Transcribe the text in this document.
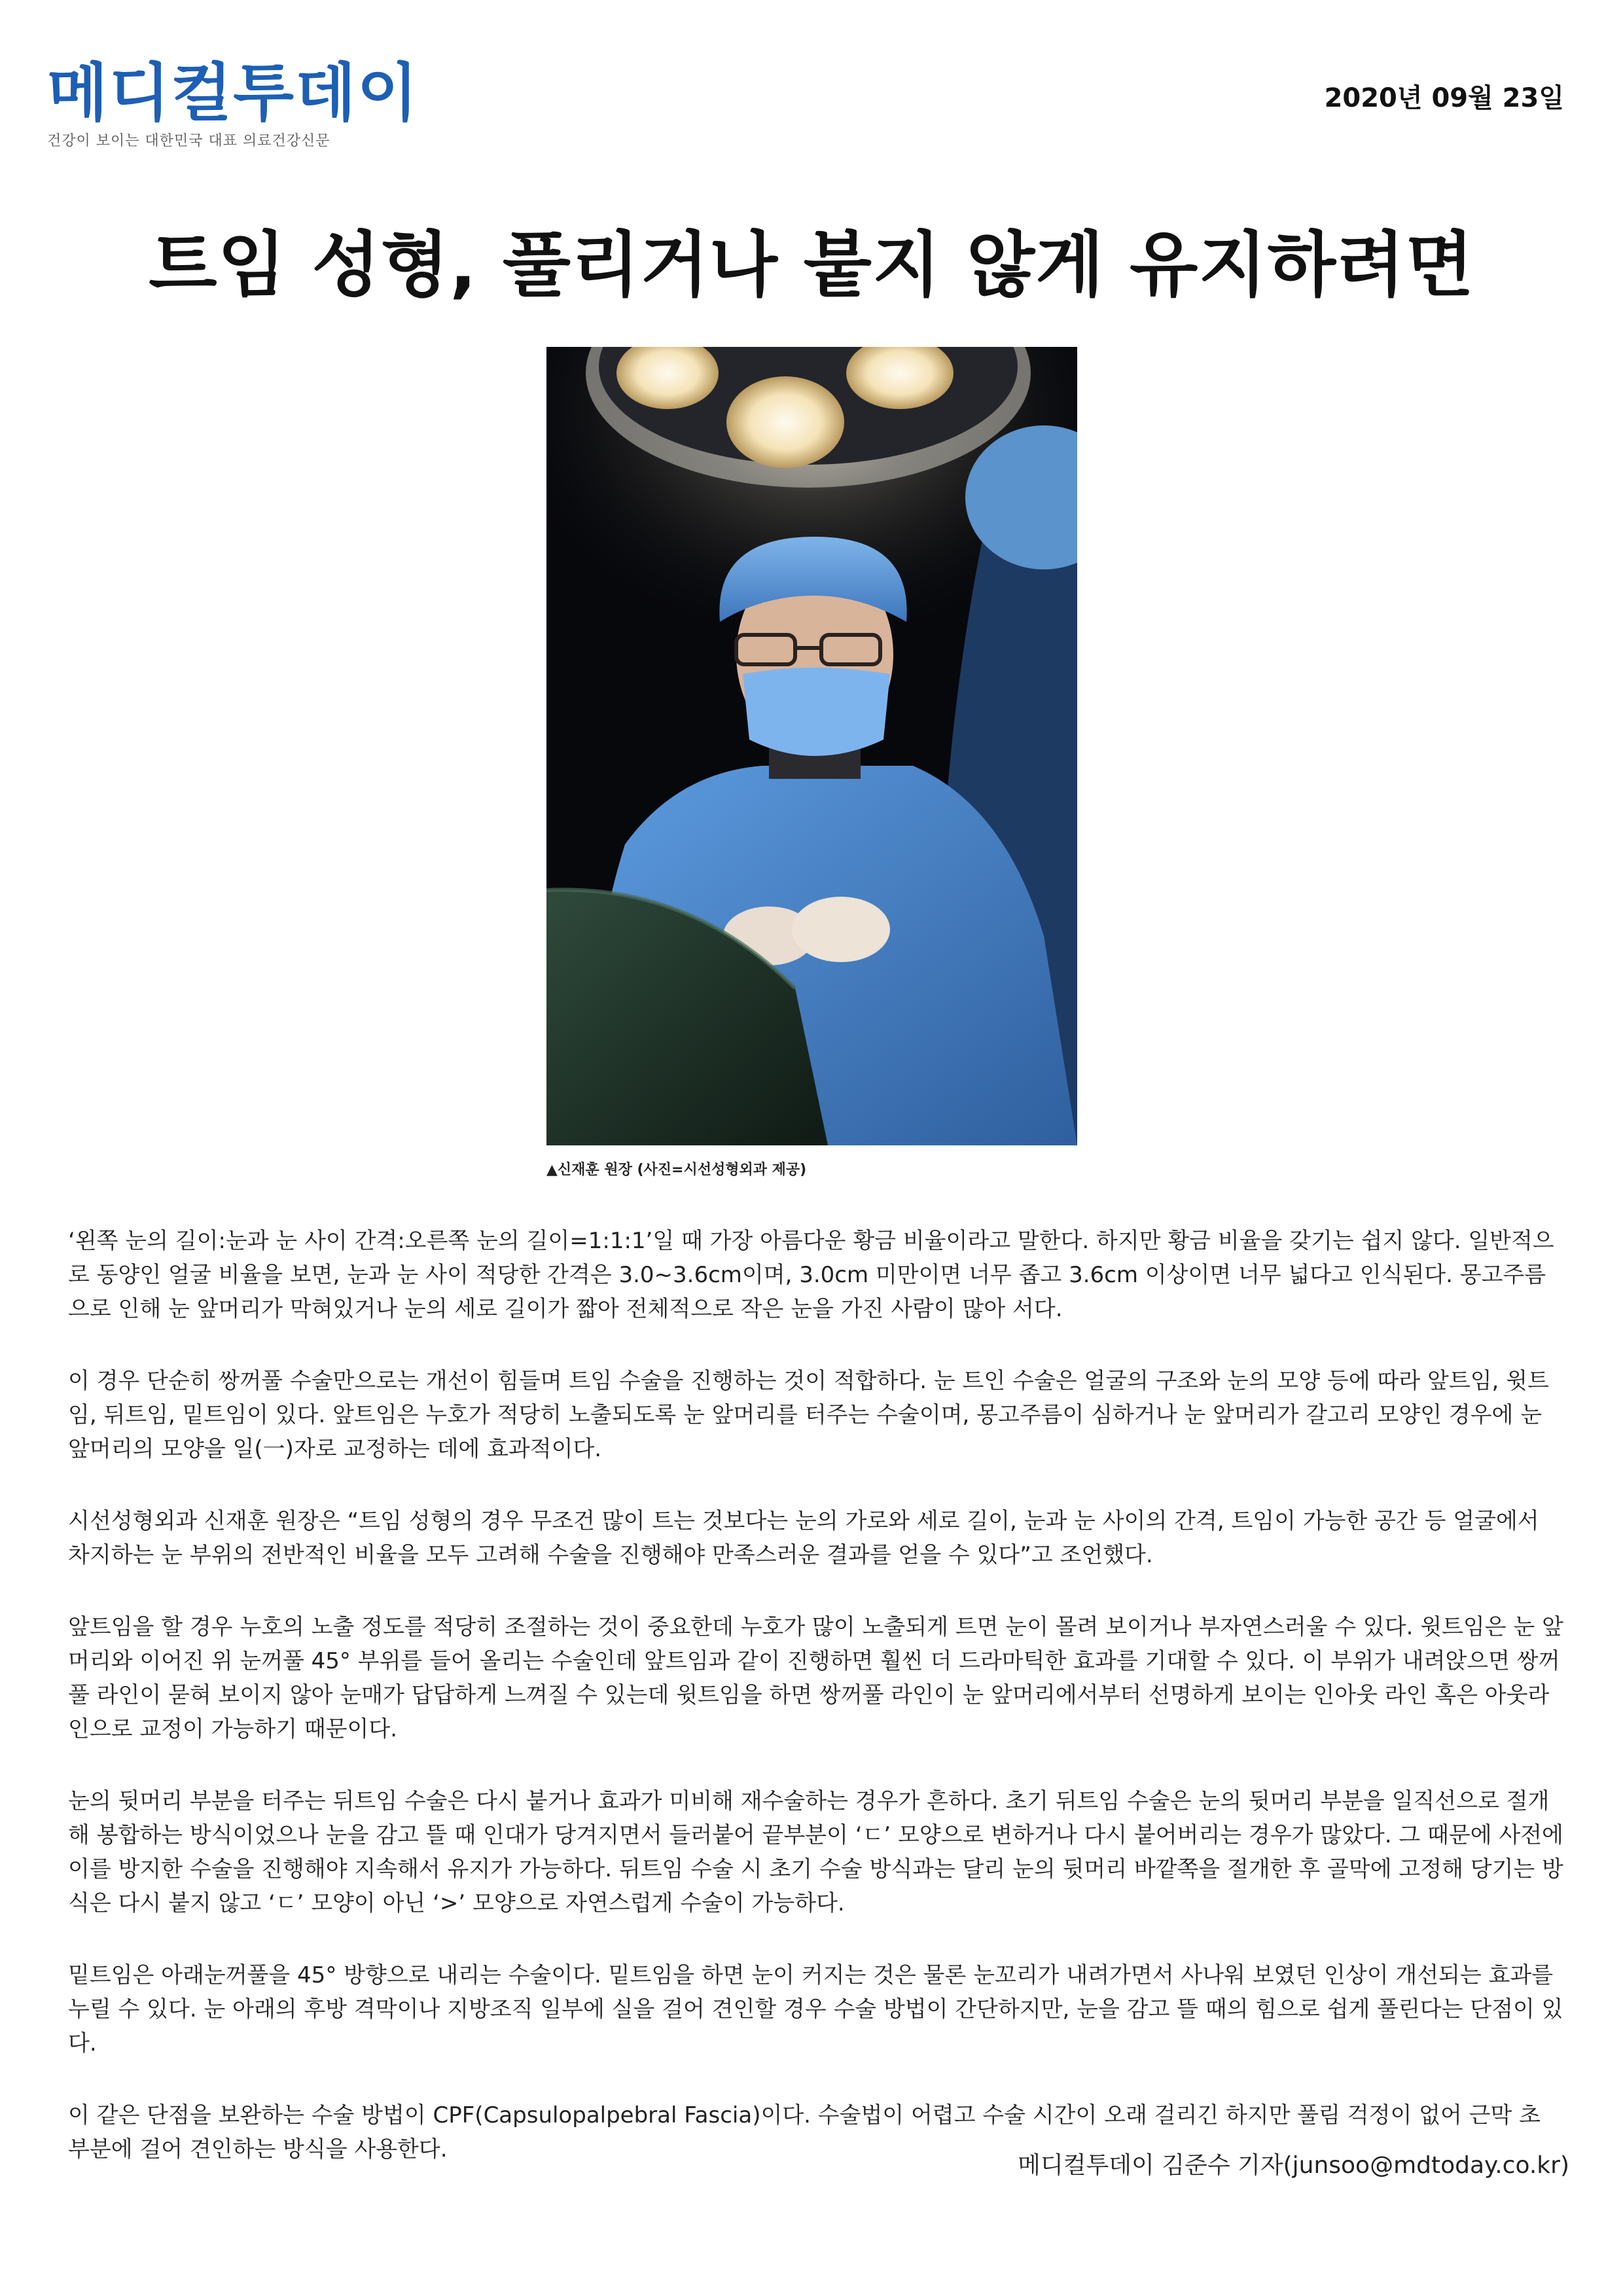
메디컬투데이
건강이 보이는 대한민국 대표 의료건강신문
2020년 09월 23일
트임 성형, 풀리거나 붙지 않게 유지하려면
▲신재훈 원장 (사진=시선성형외과 제공)

‘왼쪽 눈의 길이:눈과 눈 사이 간격:오른쪽 눈의 길이=1:1:1’일 때 가장 아름다운 황금 비율이라고 말한다. 하지만 황금 비율을 갖기는 쉽지 않다. 일반적으로 동양인 얼굴 비율을 보면, 눈과 눈 사이 적당한 간격은 3.0~3.6cm이며, 3.0cm 미만이면 너무 좁고 3.6cm 이상이면 너무 넓다고 인식된다. 몽고주름으로 인해 눈 앞머리가 막혀있거나 눈의 세로 길이가 짧아 전체적으로 작은 눈을 가진 사람이 많아 서다.

이 경우 단순히 쌍꺼풀 수술만으로는 개선이 힘들며 트임 수술을 진행하는 것이 적합하다. 눈 트인 수술은 얼굴의 구조와 눈의 모양 등에 따라 앞트임, 윗트임, 뒤트임, 밑트임이 있다. 앞트임은 누호가 적당히 노출되도록 눈 앞머리를 터주는 수술이며, 몽고주름이 심하거나 눈 앞머리가 갈고리 모양인 경우에 눈 앞머리의 모양을 일(一)자로 교정하는 데에 효과적이다.

시선성형외과 신재훈 원장은 “트임 성형의 경우 무조건 많이 트는 것보다는 눈의 가로와 세로 길이, 눈과 눈 사이의 간격, 트임이 가능한 공간 등 얼굴에서 차지하는 눈 부위의 전반적인 비율을 모두 고려해 수술을 진행해야 만족스러운 결과를 얻을 수 있다”고 조언했다.

앞트임을 할 경우 누호의 노출 정도를 적당히 조절하는 것이 중요한데 누호가 많이 노출되게 트면 눈이 몰려 보이거나 부자연스러울 수 있다. 윗트임은 눈 앞머리와 이어진 위 눈꺼풀 45° 부위를 들어 올리는 수술인데 앞트임과 같이 진행하면 훨씬 더 드라마틱한 효과를 기대할 수 있다. 이 부위가 내려앉으면 쌍꺼풀 라인이 묻혀 보이지 않아 눈매가 답답하게 느껴질 수 있는데 윗트임을 하면 쌍꺼풀 라인이 눈 앞머리에서부터 선명하게 보이는 인아웃 라인 혹은 아웃라인으로 교정이 가능하기 때문이다.

눈의 뒷머리 부분을 터주는 뒤트임 수술은 다시 붙거나 효과가 미비해 재수술하는 경우가 흔하다. 초기 뒤트임 수술은 눈의 뒷머리 부분을 일직선으로 절개해 봉합하는 방식이었으나 눈을 감고 뜰 때 인대가 당겨지면서 들러붙어 끝부분이 ‘ㄷ’ 모양으로 변하거나 다시 붙어버리는 경우가 많았다. 그 때문에 사전에 이를 방지한 수술을 진행해야 지속해서 유지가 가능하다. 뒤트임 수술 시 초기 수술 방식과는 달리 눈의 뒷머리 바깥쪽을 절개한 후 골막에 고정해 당기는 방식은 다시 붙지 않고 ‘ㄷ’ 모양이 아닌 ‘>’ 모양으로 자연스럽게 수술이 가능하다.

밑트임은 아래눈꺼풀을 45° 방향으로 내리는 수술이다. 밑트임을 하면 눈이 커지는 것은 물론 눈꼬리가 내려가면서 사나워 보였던 인상이 개선되는 효과를 누릴 수 있다. 눈 아래의 후방 격막이나 지방조직 일부에 실을 걸어 견인할 경우 수술 방법이 간단하지만, 눈을 감고 뜰 때의 힘으로 쉽게 풀린다는 단점이 있다.

이 같은 단점을 보완하는 수술 방법이 CPF(Capsulopalpebral Fascia)이다. 수술법이 어렵고 수술 시간이 오래 걸리긴 하지만 풀림 걱정이 없어 근막 초 부분에 걸어 견인하는 방식을 사용한다.

메디컬투데이 김준수 기자(junsoo@mdtoday.co.kr)
